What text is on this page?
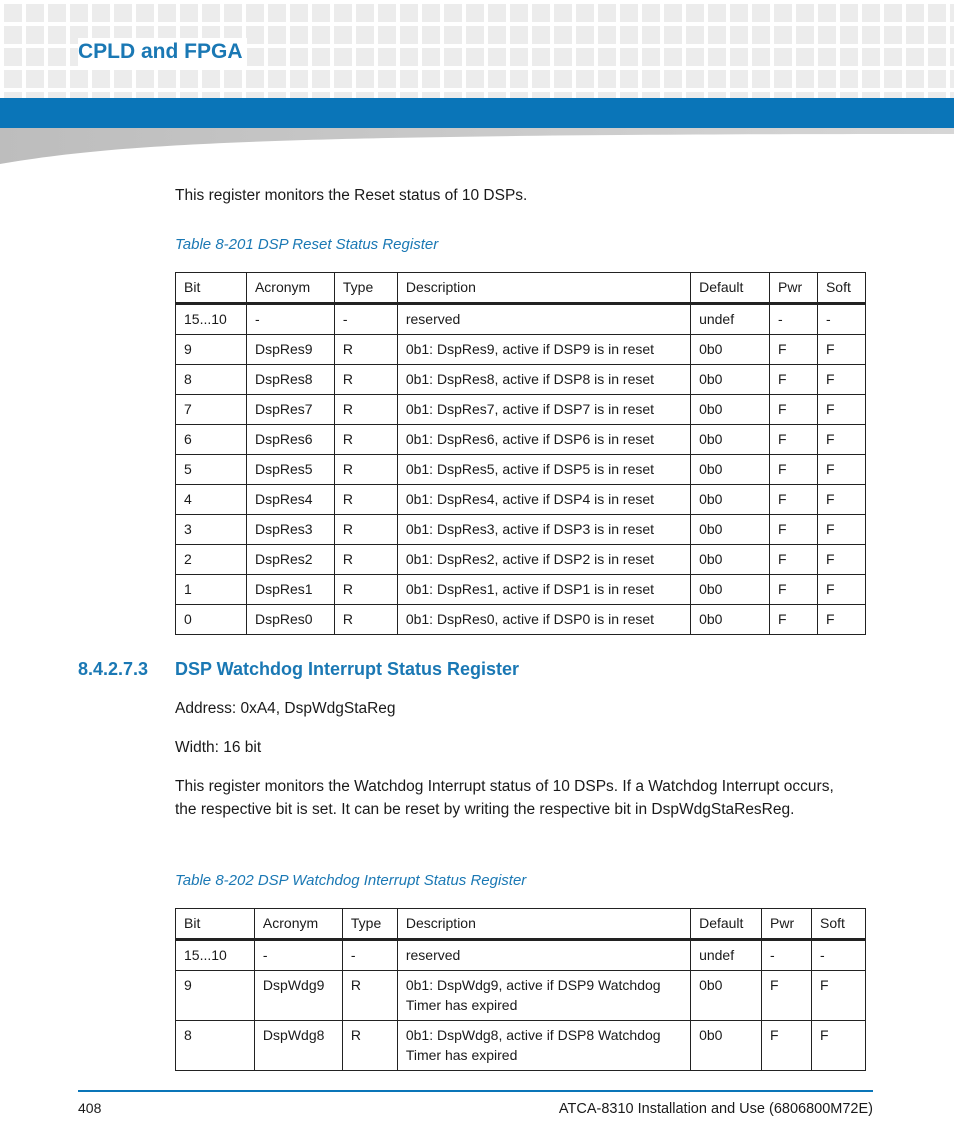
CPLD and FPGA

This register monitors the Reset status of 10 DSPs.

Table 8-201 DSP Reset Status Register

Bit	Acronym	Type	Description	Default	Pwr	Soft
15...10	-	-	reserved	undef	-	-
9	DspRes9	R	0b1: DspRes9, active if DSP9 is in reset	0b0	F	F
8	DspRes8	R	0b1: DspRes8, active if DSP8 is in reset	0b0	F	F
7	DspRes7	R	0b1: DspRes7, active if DSP7 is in reset	0b0	F	F
6	DspRes6	R	0b1: DspRes6, active if DSP6 is in reset	0b0	F	F
5	DspRes5	R	0b1: DspRes5, active if DSP5 is in reset	0b0	F	F
4	DspRes4	R	0b1: DspRes4, active if DSP4 is in reset	0b0	F	F
3	DspRes3	R	0b1: DspRes3, active if DSP3 is in reset	0b0	F	F
2	DspRes2	R	0b1: DspRes2, active if DSP2 is in reset	0b0	F	F
1	DspRes1	R	0b1: DspRes1, active if DSP1 is in reset	0b0	F	F
0	DspRes0	R	0b1: DspRes0, active if DSP0 is in reset	0b0	F	F
8.4.2.7.3 DSP Watchdog Interrupt Status Register

Address: 0xA4, DspWdgStaReg

Width: 16 bit

This register monitors the Watchdog Interrupt status of 10 DSPs. If a Watchdog Interrupt occurs, the respective bit is set. It can be reset by writing the respective bit in DspWdgStaResReg.

Table 8-202 DSP Watchdog Interrupt Status Register

Bit	Acronym	Type	Description	Default	Pwr	Soft
15...10	-	-	reserved	undef	-	-
9	DspWdg9	R	0b1: DspWdg9, active if DSP9 Watchdog Timer has expired	0b0	F	F
8	DspWdg8	R	0b1: DspWdg8, active if DSP8 Watchdog Timer has expired	0b0	F	F
408	ATCA-8310 Installation and Use (6806800M72E)
